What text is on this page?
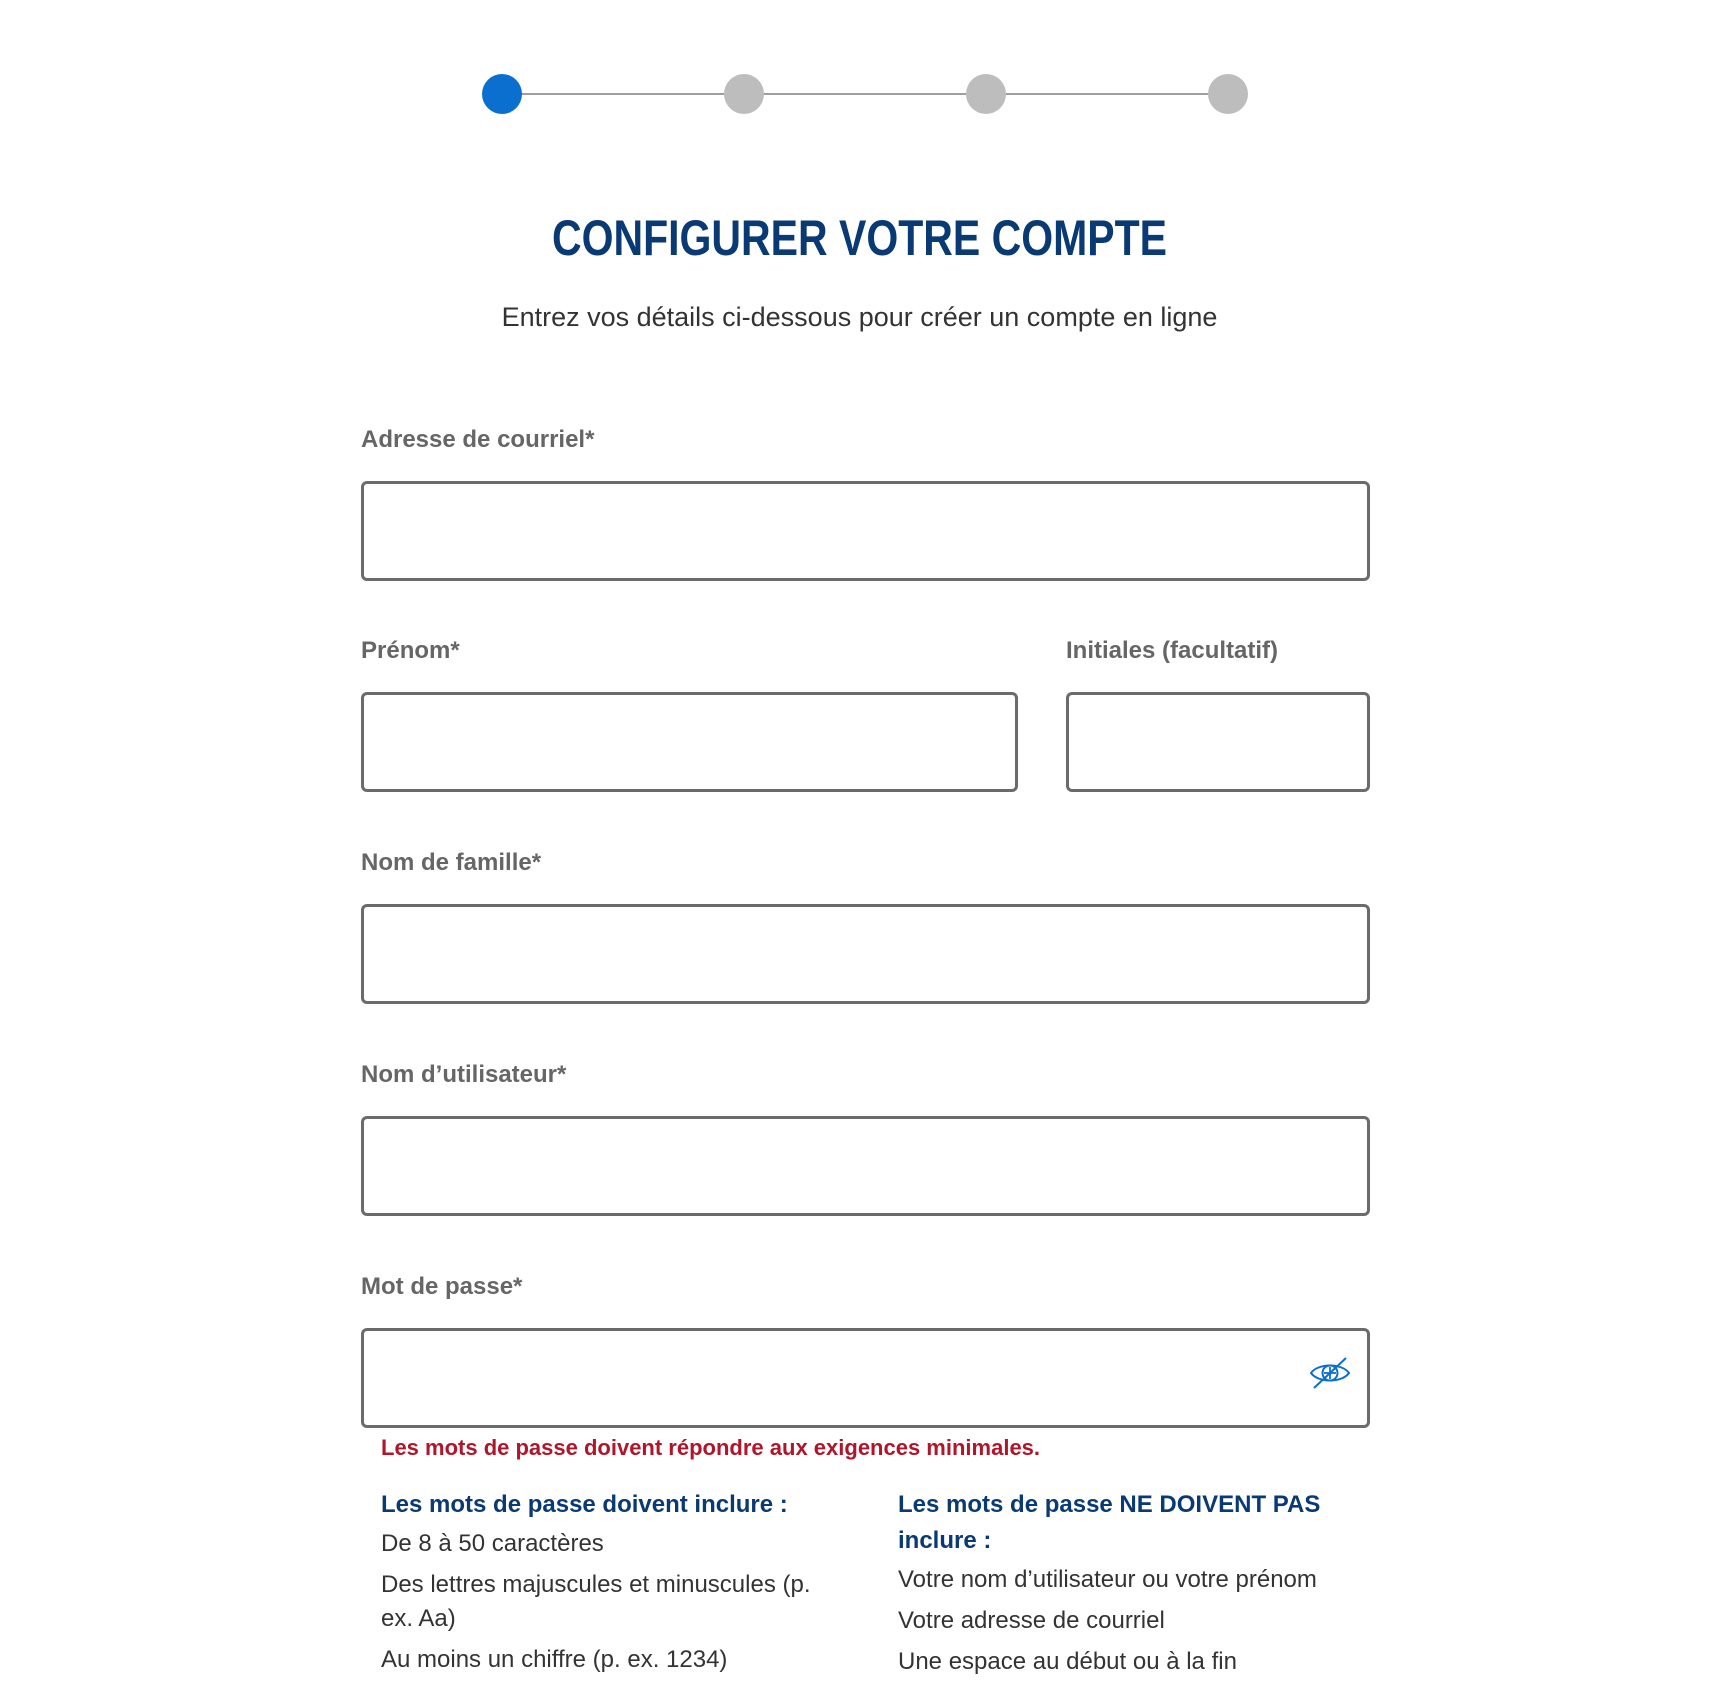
CONFIGURER VOTRE COMPTE
Entrez vos détails ci-dessous pour créer un compte en ligne
Adresse de courriel*
Prénom*	Initiales (facultatif)
Nom de famille*
Nom d’utilisateur*
Mot de passe*
Les mots de passe doivent répondre aux exigences minimales.
Les mots de passe doivent inclure :
De 8 à 50 caractères
Des lettres majuscules et minuscules (p. ex. Aa)
Au moins un chiffre (p. ex. 1234)
Les mots de passe NE DOIVENT PAS inclure :
Votre nom d’utilisateur ou votre prénom
Votre adresse de courriel
Une espace au début ou à la fin
